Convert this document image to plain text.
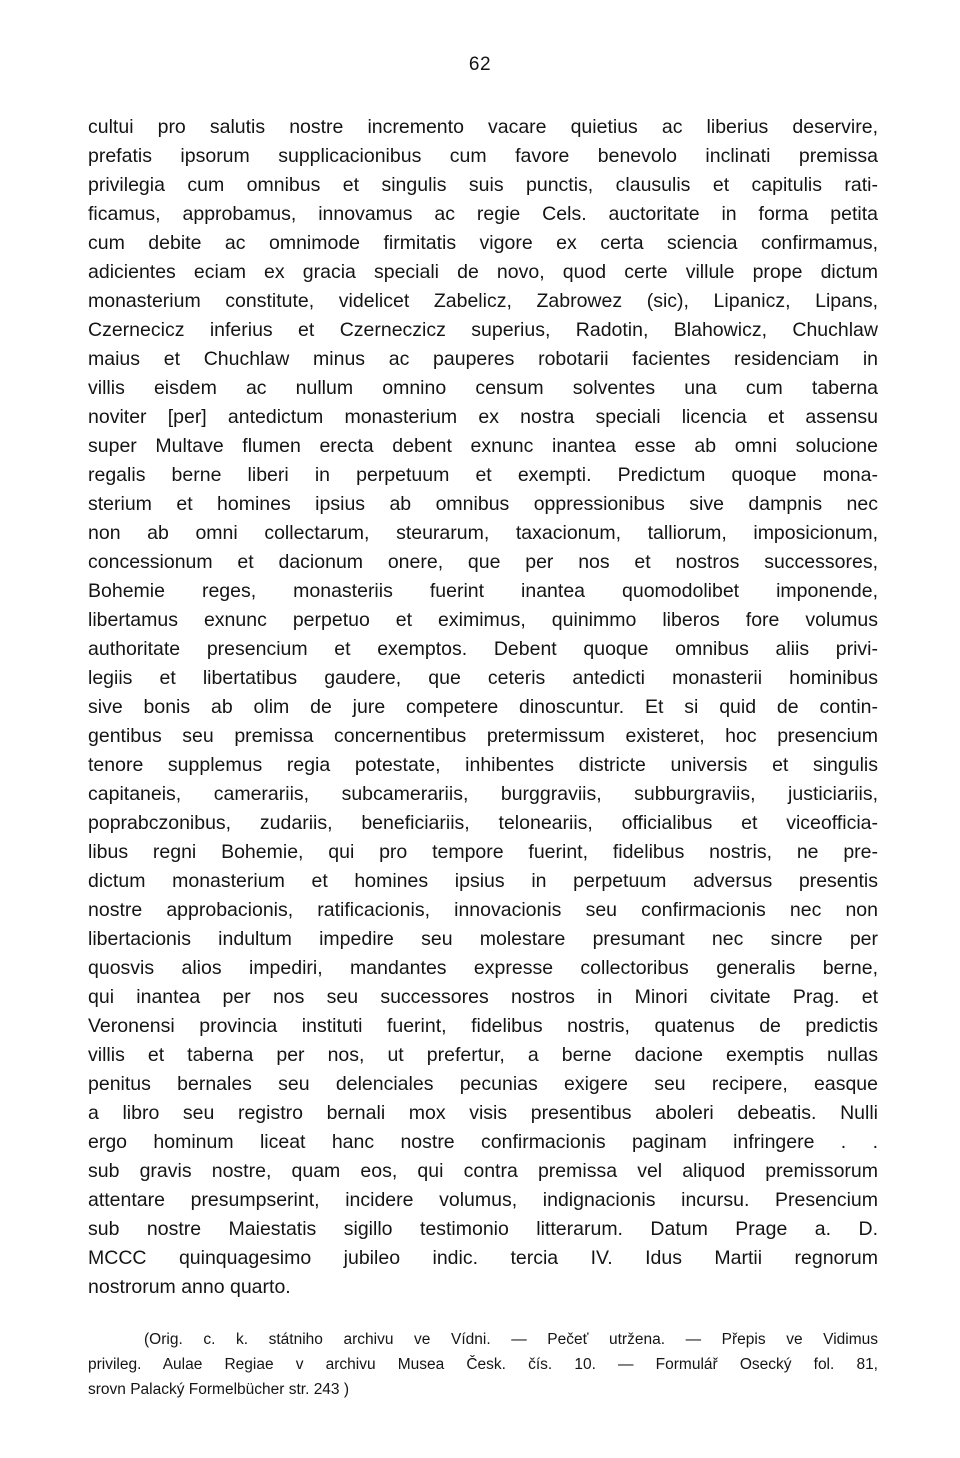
62
cultui pro salutis nostre incremento vacare quietius ac liberius deservire,
prefatis ipsorum supplicacionibus cum favore benevolo inclinati premissa
privilegia cum omnibus et singulis suis punctis, clausulis et capitulis rati-
ficamus, approbamus, innovamus ac regie Cels. auctoritate in forma petita
cum debite ac omnimode firmitatis vigore ex certa sciencia confirmamus,
adicientes eciam ex gracia speciali de novo, quod certe villule prope dictum
monasterium constitute, videlicet Zabelicz, Zabrowez (sic), Lipanicz, Lipans,
Czernecicz inferius et Czerneczicz superius, Radotin, Blahowicz, Chuchlaw
maius et Chuchlaw minus ac pauperes robotarii facientes residenciam in
villis eisdem ac nullum omnino censum solventes una cum taberna
noviter [per] antedictum monasterium ex nostra speciali licencia et assensu
super Multave flumen erecta debent exnunc inantea esse ab omni solucione
regalis berne liberi in perpetuum et exempti. Predictum quoque mona-
sterium et homines ipsius ab omnibus oppressionibus sive dampnis nec
non ab omni collectarum, steurarum, taxacionum, talliorum, imposicionum,
concessionum et dacionum onere, que per nos et nostros successores,
Bohemie reges, monasteriis fuerint inantea quomodolibet imponende,
libertamus exnunc perpetuo et eximimus, quinimmo liberos fore volumus
authoritate presencium et exemptos. Debent quoque omnibus aliis privi-
legiis et libertatibus gaudere, que ceteris antedicti monasterii hominibus
sive bonis ab olim de jure competere dinoscuntur. Et si quid de contin-
gentibus seu premissa concernentibus pretermissum existeret, hoc presencium
tenore supplemus regia potestate, inhibentes districte universis et singulis
capitaneis, camerariis, subcamerariis, burggraviis, subburgraviis, justiciariis,
poprabczonibus, zudariis, beneficiariis, teloneariis, officialibus et viceofficia-
libus regni Bohemie, qui pro tempore fuerint, fidelibus nostris, ne pre-
dictum monasterium et homines ipsius in perpetuum adversus presentis
nostre approbacionis, ratificacionis, innovacionis seu confirmacionis nec non
libertacionis indultum impedire seu molestare presumant nec sincre per
quosvis alios impediri, mandantes expresse collectoribus generalis berne,
qui inantea per nos seu successores nostros in Minori civitate Prag. et
Veronensi provincia instituti fuerint, fidelibus nostris, quatenus de predictis
villis et taberna per nos, ut prefertur, a berne dacione exemptis nullas
penitus bernales seu delenciales pecunias exigere seu recipere, easque
a libro seu registro bernali mox visis presentibus aboleri debeatis. Nulli
ergo hominum liceat hanc nostre confirmacionis paginam infringere . .
sub gravis nostre, quam eos, qui contra premissa vel aliquod premissorum
attentare presumpserint, incidere volumus, indignacionis incursu. Presencium
sub nostre Maiestatis sigillo testimonio litterarum. Datum Prage a. D.
MCCC quinquagesimo jubileo indic. tercia IV. Idus Martii regnorum
nostrorum anno quarto.
(Orig. c. k. státniho archivu ve Vídni. — Pečeť utržena. — Přepis ve Vidimus
privileg. Aulae Regiae v archivu Musea Česk. čís. 10. — Formulář Osecký fol. 81,
srovn Palacký Formelbücher str. 243 )
